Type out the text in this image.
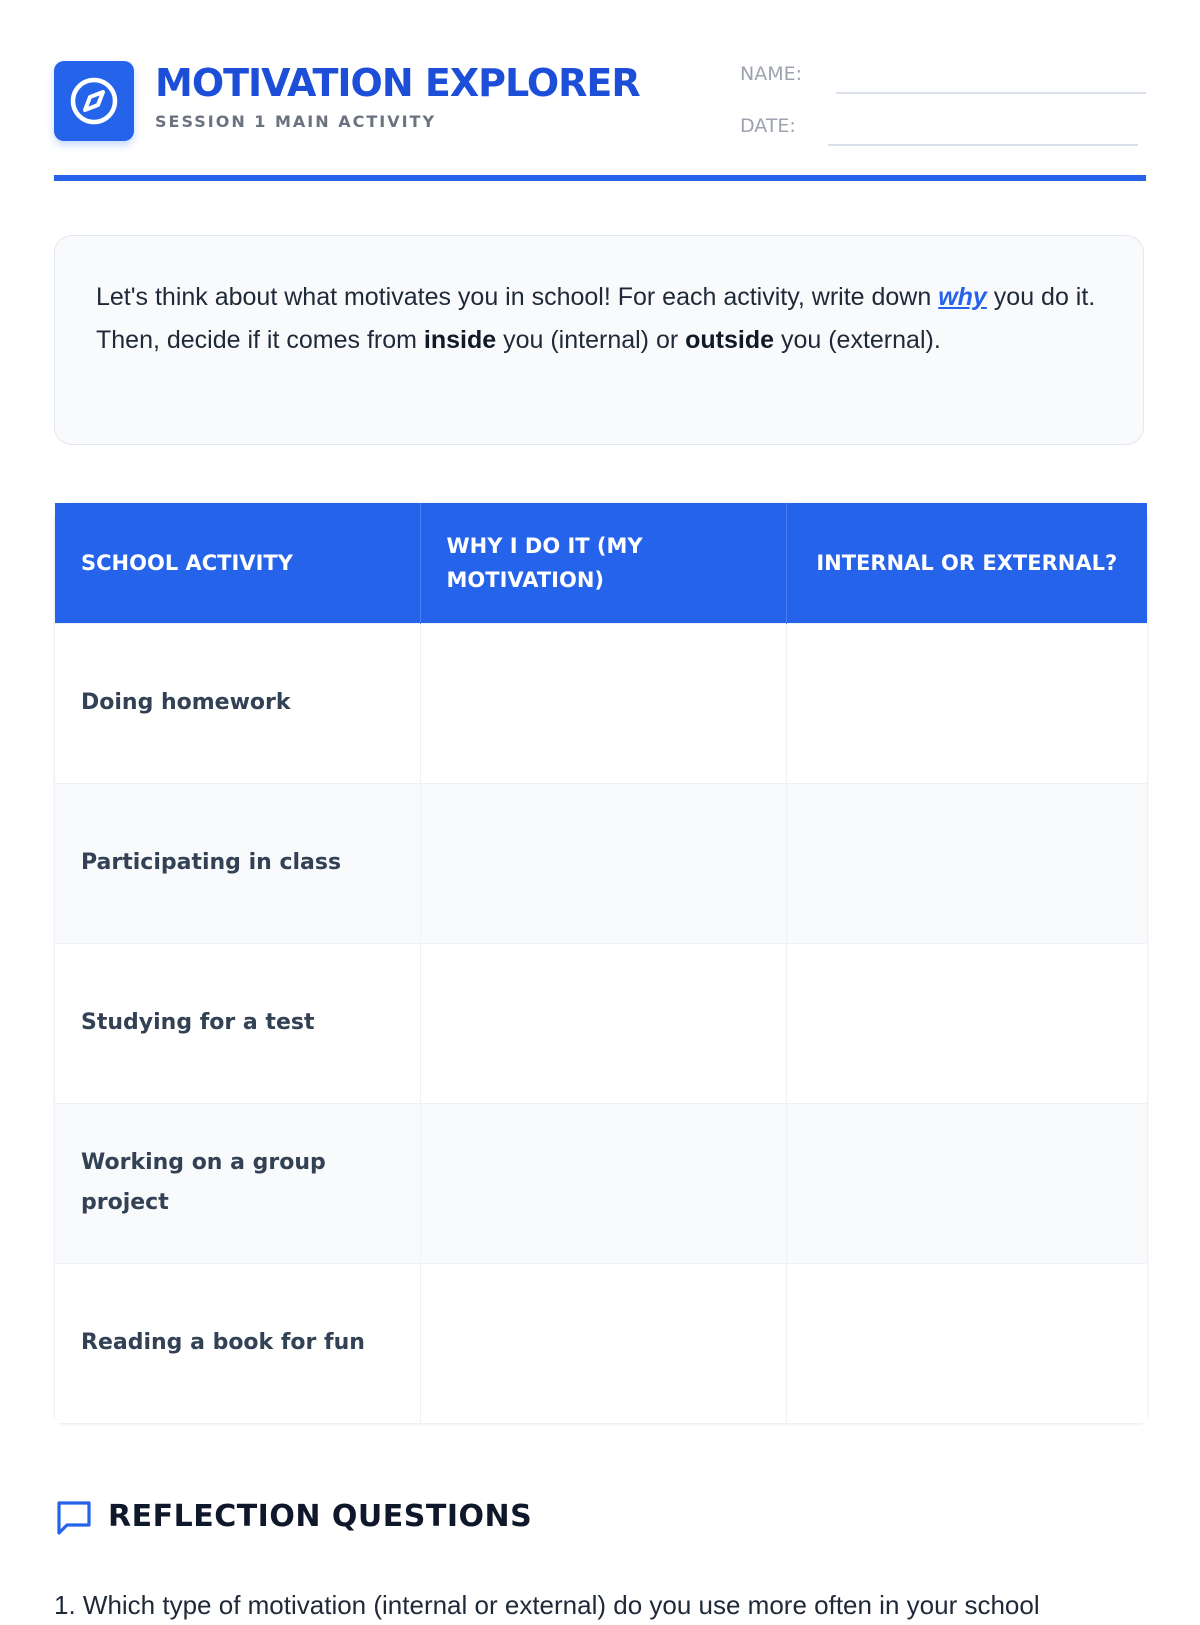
MOTIVATION EXPLORER
SESSION 1 MAIN ACTIVITY
NAME:
DATE:
Let's think about what motivates you in school! For each activity, write down why you do it. Then, decide if it comes from inside you (internal) or outside you (external).
SCHOOL ACTIVITY	WHY I DO IT (MY MOTIVATION)	INTERNAL OR EXTERNAL?
Doing homework		
Participating in class		
Studying for a test		
Working on a group project		
Reading a book for fun		
REFLECTION QUESTIONS
1. Which type of motivation (internal or external) do you use more often in your school
